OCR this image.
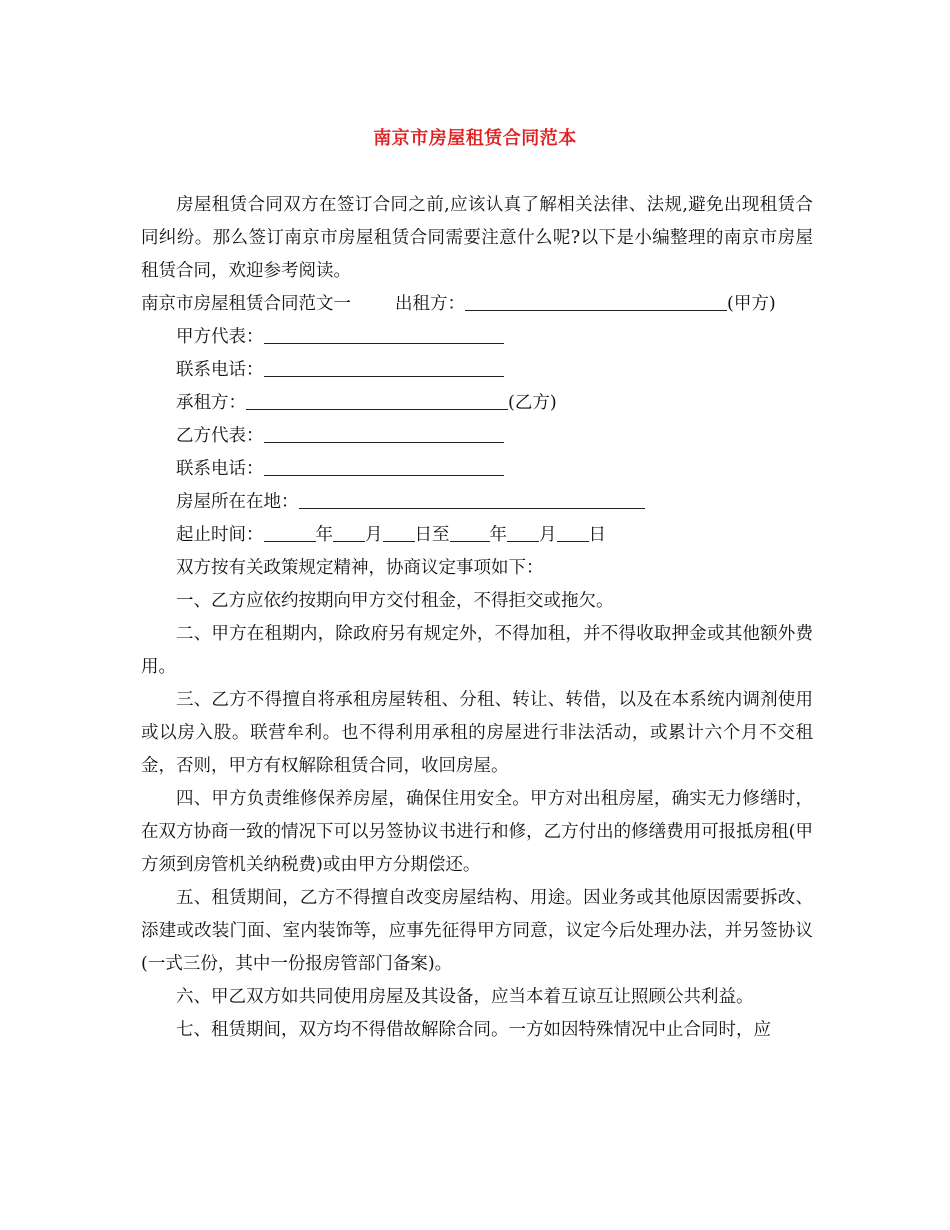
南京市房屋租赁合同范本

房屋租赁合同双方在签订合同之前,应该认真了解相关法律、法规,避免出现租赁合同纠纷。那么签订南京市房屋租赁合同需要注意什么呢?以下是小编整理的南京市房屋租赁合同，欢迎参考阅读。

南京市房屋租赁合同范文一	出租方：	(甲方)

甲方代表：

联系电话：

承租方：	(乙方)

乙方代表：

联系电话：

房屋所在在地：

起止时间：	年 月 日至 年 月 日

双方按有关政策规定精神，协商议定事项如下：

一、乙方应依约按期向甲方交付租金，不得拒交或拖欠。

二、甲方在租期内，除政府另有规定外，不得加租，并不得收取押金或其他额外费用。

三、乙方不得擅自将承租房屋转租、分租、转让、转借，以及在本系统内调剂使用或以房入股。联营牟利。也不得利用承租的房屋进行非法活动，或累计六个月不交租金，否则，甲方有权解除租赁合同，收回房屋。

四、甲方负责维修保养房屋，确保住用安全。甲方对出租房屋，确实无力修缮时，在双方协商一致的情况下可以另签协议书进行和修，乙方付出的修缮费用可报抵房租(甲方须到房管机关纳税费)或由甲方分期偿还。

五、租赁期间，乙方不得擅自改变房屋结构、用途。因业务或其他原因需要拆改、添建或改装门面、室内装饰等，应事先征得甲方同意，议定今后处理办法，并另签协议(一式三份，其中一份报房管部门备案)。

六、甲乙双方如共同使用房屋及其设备，应当本着互谅互让照顾公共利益。

七、租赁期间，双方均不得借故解除合同。一方如因特殊情况中止合同时，应
